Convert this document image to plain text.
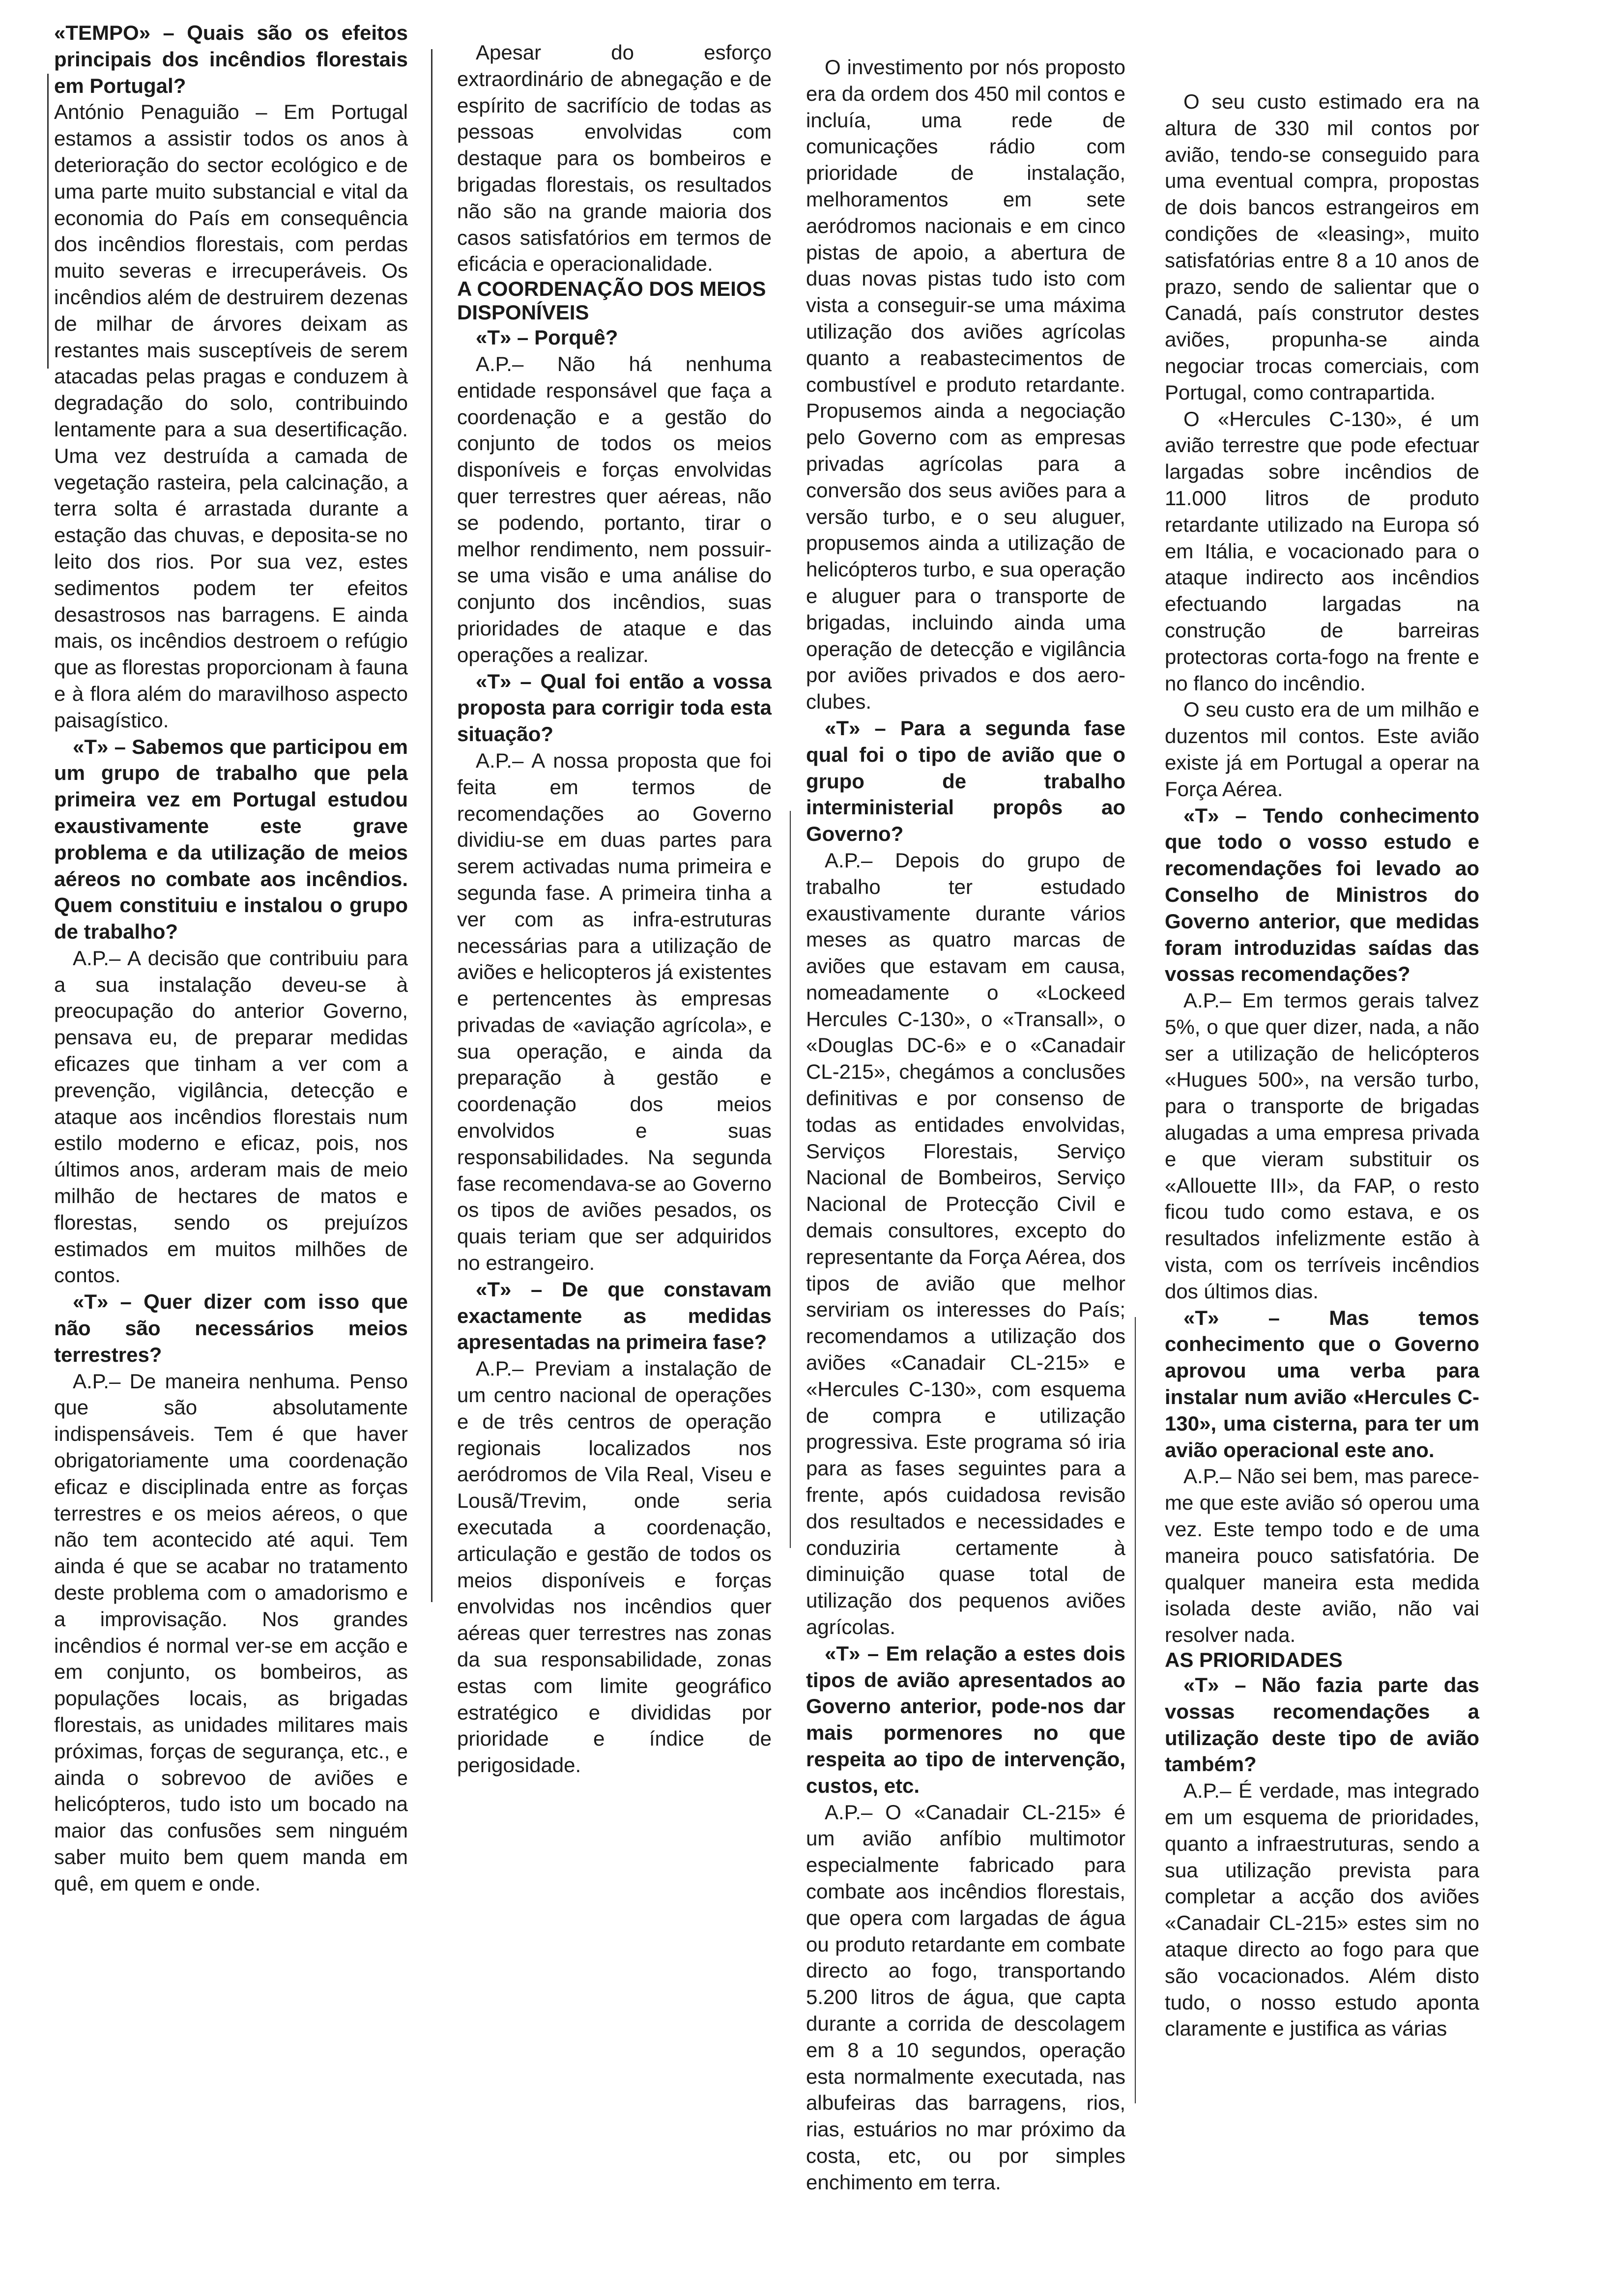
«TEMPO» – Quais são os efeitos principais dos incêndios florestais em Portugal?

António Penaguião – Em Portugal estamos a assistir todos os anos à deterioração do sector ecológico e de uma parte muito substancial e vital da economia do País em consequência dos incêndios florestais, com perdas muito severas e irrecuperáveis. Os incêndios além de destruirem dezenas de milhar de árvores deixam as restantes mais susceptíveis de serem atacadas pelas pragas e conduzem à degradação do solo, contribuindo lentamente para a sua desertificação. Uma vez destruída a camada de vegetação rasteira, pela calcinação, a terra solta é arrastada durante a estação das chuvas, e deposita-se no leito dos rios. Por sua vez, estes sedimentos podem ter efeitos desastrosos nas barragens. E ainda mais, os incêndios destroem o refúgio que as florestas proporcionam à fauna e à flora além do maravilhoso aspecto paisagístico.

«T» – Sabemos que participou em um grupo de trabalho que pela primeira vez em Portugal estudou exaustivamente este grave problema e da utilização de meios aéreos no combate aos incêndios. Quem constituiu e instalou o grupo de trabalho?

A.P.– A decisão que contribuiu para a sua instalação deveu-se à preocupação do anterior Governo, pensava eu, de preparar medidas eficazes que tinham a ver com a prevenção, vigilância, detecção e ataque aos incêndios florestais num estilo moderno e eficaz, pois, nos últimos anos, arderam mais de meio milhão de hectares de matos e florestas, sendo os prejuízos estimados em muitos milhões de contos.

«T» – Quer dizer com isso que não são necessários meios terrestres?

A.P.– De maneira nenhuma. Penso que são absolutamente indispensáveis. Tem é que haver obrigatoriamente uma coordenação eficaz e disciplinada entre as forças terrestres e os meios aéreos, o que não tem acontecido até aqui. Tem ainda é que se acabar no tratamento deste problema com o amadorismo e a improvisação. Nos grandes incêndios é normal ver-se em acção e em conjunto, os bombeiros, as populações locais, as brigadas florestais, as unidades militares mais próximas, forças de segurança, etc., e ainda o sobrevoo de aviões e helicópteros, tudo isto um bocado na maior das confusões sem ninguém saber muito bem quem manda em quê, em quem e onde.

Apesar do esforço extraordinário de abnegação e de espírito de sacrifício de todas as pessoas envolvidas com destaque para os bombeiros e brigadas florestais, os resultados não são na grande maioria dos casos satisfatórios em termos de eficácia e operacionalidade.

A COORDENAÇÃO DOS MEIOS DISPONÍVEIS

«T» – Porquê?

A.P.– Não há nenhuma entidade responsável que faça a coordenação e a gestão do conjunto de todos os meios disponíveis e forças envolvidas quer terrestres quer aéreas, não se podendo, portanto, tirar o melhor rendimento, nem possuir-se uma visão e uma análise do conjunto dos incêndios, suas prioridades de ataque e das operações a realizar.

«T» – Qual foi então a vossa proposta para corrigir toda esta situação?

A.P.– A nossa proposta que foi feita em termos de recomendações ao Governo dividiu-se em duas partes para serem activadas numa primeira e segunda fase. A primeira tinha a ver com as infra-estruturas necessárias para a utilização de aviões e helicopteros já existentes e pertencentes às empresas privadas de «aviação agrícola», e sua operação, e ainda da preparação à gestão e coordenação dos meios envolvidos e suas responsabilidades. Na segunda fase recomendava-se ao Governo os tipos de aviões pesados, os quais teriam que ser adquiridos no estrangeiro.

«T» – De que constavam exactamente as medidas apresentadas na primeira fase?

A.P.– Previam a instalação de um centro nacional de operações e de três centros de operação regionais localizados nos aeródromos de Vila Real, Viseu e Lousã/Trevim, onde seria executada a coordenação, articulação e gestão de todos os meios disponíveis e forças envolvidas nos incêndios quer aéreas quer terrestres nas zonas da sua responsabilidade, zonas estas com limite geográfico estratégico e divididas por prioridade e índice de perigosidade.

O investimento por nós proposto era da ordem dos 450 mil contos e incluía, uma rede de comunicações rádio com prioridade de instalação, melhoramentos em sete aeródromos nacionais e em cinco pistas de apoio, a abertura de duas novas pistas tudo isto com vista a conseguir-se uma máxima utilização dos aviões agrícolas quanto a reabastecimentos de combustível e produto retardante. Propusemos ainda a negociação pelo Governo com as empresas privadas agrícolas para a conversão dos seus aviões para a versão turbo, e o seu aluguer, propusemos ainda a utilização de helicópteros turbo, e sua operação e aluguer para o transporte de brigadas, incluindo ainda uma operação de detecção e vigilância por aviões privados e dos aero-clubes.

«T» – Para a segunda fase qual foi o tipo de avião que o grupo de trabalho interministerial propôs ao Governo?

A.P.– Depois do grupo de trabalho ter estudado exaustivamente durante vários meses as quatro marcas de aviões que estavam em causa, nomeadamente o «Lockeed Hercules C-130», o «Transall», o «Douglas DC-6» e o «Canadair CL-215», chegámos a conclusões definitivas e por consenso de todas as entidades envolvidas, Serviços Florestais, Serviço Nacional de Bombeiros, Serviço Nacional de Protecção Civil e demais consultores, excepto do representante da Força Aérea, dos tipos de avião que melhor serviriam os interesses do País; recomendamos a utilização dos aviões «Canadair CL-215» e «Hercules C-130», com esquema de compra e utilização progressiva. Este programa só iria para as fases seguintes para a frente, após cuidadosa revisão dos resultados e necessidades e conduziria certamente à diminuição quase total de utilização dos pequenos aviões agrícolas.

«T» – Em relação a estes dois tipos de avião apresentados ao Governo anterior, pode-nos dar mais pormenores no que respeita ao tipo de intervenção, custos, etc.

A.P.– O «Canadair CL-215» é um avião anfíbio multimotor especialmente fabricado para combate aos incêndios florestais, que opera com largadas de água ou produto retardante em combate directo ao fogo, transportando 5.200 litros de água, que capta durante a corrida de descolagem em 8 a 10 segundos, operação esta normalmente executada, nas albufeiras das barragens, rios, rias, estuários no mar próximo da costa, etc, ou por simples enchimento em terra.

O seu custo estimado era na altura de 330 mil contos por avião, tendo-se conseguido para uma eventual compra, propostas de dois bancos estrangeiros em condições de «leasing», muito satisfatórias entre 8 a 10 anos de prazo, sendo de salientar que o Canadá, país construtor destes aviões, propunha-se ainda negociar trocas comerciais, com Portugal, como contrapartida.

O «Hercules C-130», é um avião terrestre que pode efectuar largadas sobre incêndios de 11.000 litros de produto retardante utilizado na Europa só em Itália, e vocacionado para o ataque indirecto aos incêndios efectuando largadas na construção de barreiras protectoras corta-fogo na frente e no flanco do incêndio.

O seu custo era de um milhão e duzentos mil contos. Este avião existe já em Portugal a operar na Força Aérea.

«T» – Tendo conhecimento que todo o vosso estudo e recomendações foi levado ao Conselho de Ministros do Governo anterior, que medidas foram introduzidas saídas das vossas recomendações?

A.P.– Em termos gerais talvez 5%, o que quer dizer, nada, a não ser a utilização de helicópteros «Hugues 500», na versão turbo, para o transporte de brigadas alugadas a uma empresa privada e que vieram substituir os «Allouette III», da FAP, o resto ficou tudo como estava, e os resultados infelizmente estão à vista, com os terríveis incêndios dos últimos dias.

«T» – Mas temos conhecimento que o Governo aprovou uma verba para instalar num avião «Hercules C-130», uma cisterna, para ter um avião operacional este ano.

A.P.– Não sei bem, mas parece-me que este avião só operou uma vez. Este tempo todo e de uma maneira pouco satisfatória. De qualquer maneira esta medida isolada deste avião, não vai resolver nada.

AS PRIORIDADES

«T» – Não fazia parte das vossas recomendações a utilização deste tipo de avião também?

A.P.– É verdade, mas integrado em um esquema de prioridades, quanto a infraestruturas, sendo a sua utilização prevista para completar a acção dos aviões «Canadair CL-215» estes sim no ataque directo ao fogo para que são vocacionados. Além disto tudo, o nosso estudo aponta claramente e justifica as várias
